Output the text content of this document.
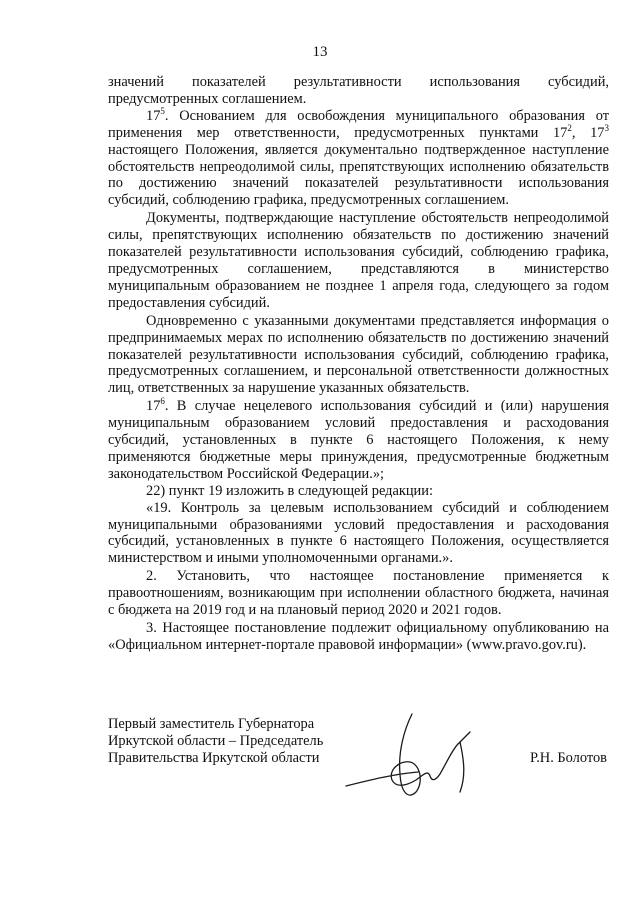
13

значений показателей результативности использования субсидий, предусмотренных соглашением.

$17^5$. Основанием для освобождения муниципального образования от применения мер ответственности, предусмотренных пунктами $17^2$, $17^3$ настоящего Положения, является документально подтвержденное наступление обстоятельств непреодолимой силы, препятствующих исполнению обязательств по достижению значений показателей результативности использования субсидий, соблюдению графика, предусмотренных соглашением.

Документы, подтверждающие наступление обстоятельств непреодолимой силы, препятствующих исполнению обязательств по достижению значений показателей результативности использования субсидий, соблюдению графика, предусмотренных соглашением, представляются в министерство муниципальным образованием не позднее 1 апреля года, следующего за годом предоставления субсидий.

Одновременно с указанными документами представляется информация о предпринимаемых мерах по исполнению обязательств по достижению значений показателей результативности использования субсидий, соблюдению графика, предусмотренных соглашением, и персональной ответственности должностных лиц, ответственных за нарушение указанных обязательств.

$17^6$. В случае нецелевого использования субсидий и (или) нарушения муниципальным образованием условий предоставления и расходования субсидий, установленных в пункте 6 настоящего Положения, к нему применяются бюджетные меры принуждения, предусмотренные бюджетным законодательством Российской Федерации.»;

22) пункт 19 изложить в следующей редакции:

«19. Контроль за целевым использованием субсидий и соблюдением муниципальными образованиями условий предоставления и расходования субсидий, установленных в пункте 6 настоящего Положения, осуществляется министерством и иными уполномоченными органами.».

2. Установить, что настоящее постановление применяется к правоотношениям, возникающим при исполнении областного бюджета, начиная с бюджета на 2019 год и на плановый период 2020 и 2021 годов.

3. Настоящее постановление подлежит официальному опубликованию на «Официальном интернет-портале правовой информации» (www.pravo.gov.ru).

Первый заместитель Губернатора

Иркутской области – Председатель

Правительства Иркутской области	Р.Н. Болотов
